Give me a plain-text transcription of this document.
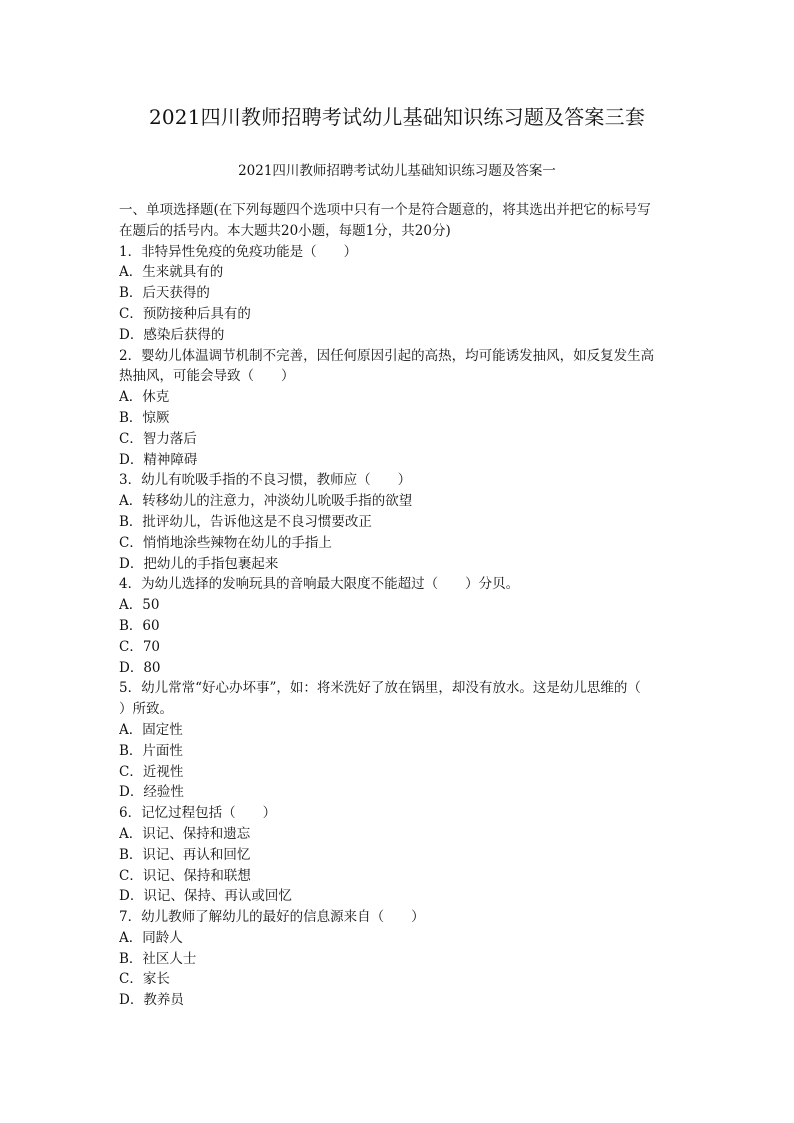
2021四川教师招聘考试幼儿基础知识练习题及答案三套
2021四川教师招聘考试幼儿基础知识练习题及答案一
一、单项选择题(在下列每题四个选项中只有一个是符合题意的，将其选出并把它的标号写
在题后的括号内。本大题共20小题，每题1分，共20分)
1．非特异性免疫的免疫功能是（　　）
A．生来就具有的
B．后天获得的
C．预防接种后具有的
D．感染后获得的
2．婴幼儿体温调节机制不完善，因任何原因引起的高热，均可能诱发抽风，如反复发生高
热抽风，可能会导致（　　）
A．休克
B．惊厥
C．智力落后
D．精神障碍
3．幼儿有吮吸手指的不良习惯，教师应（　　）
A．转移幼儿的注意力，冲淡幼儿吮吸手指的欲望
B．批评幼儿，告诉他这是不良习惯要改正
C．悄悄地涂些辣物在幼儿的手指上
D．把幼儿的手指包裹起来
4．为幼儿选择的发响玩具的音响最大限度不能超过（　　）分贝。
A．50
B．60
C．70
D．80
5．幼儿常常“好心办坏事”，如：将米洗好了放在锅里，却没有放水。这是幼儿思维的（
）所致。
A．固定性
B．片面性
C．近视性
D．经验性
6．记忆过程包括（　　）
A．识记、保持和遗忘
B．识记、再认和回忆
C．识记、保持和联想
D．识记、保持、再认或回忆
7．幼儿教师了解幼儿的最好的信息源来自（　　）
A．同龄人
B．社区人士
C．家长
D．教养员
